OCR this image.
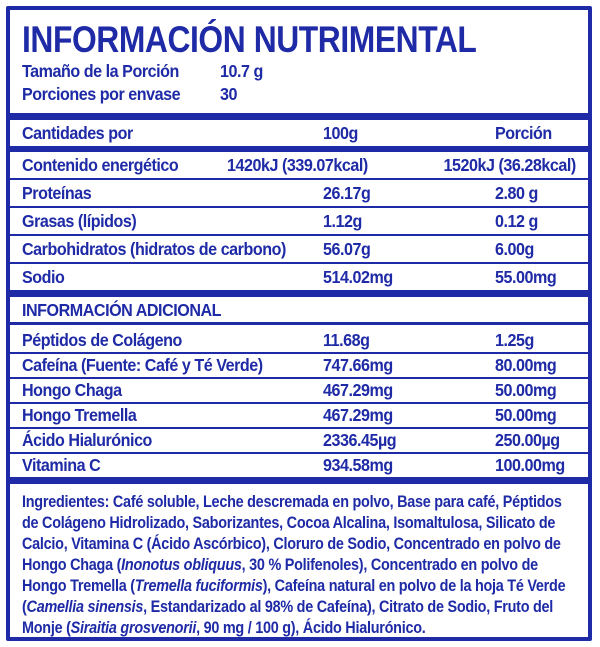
INFORMACIÓN NUTRIMENTAL
Tamaño de la Porción	10.7 g
Porciones por envase	30
Cantidades por	100g	Porción
Contenido energético	1420kJ (339.07kcal)	1520kJ (36.28kcal)
Proteínas	26.17g	2.80 g
Grasas (lípidos)	1.12g	0.12 g
Carbohidratos (hidratos de carbono)	56.07g	6.00g
Sodio	514.02mg	55.00mg
INFORMACIÓN ADICIONAL
Péptidos de Colágeno	11.68g	1.25g
Cafeína (Fuente: Café y Té Verde)	747.66mg	80.00mg
Hongo Chaga	467.29mg	50.00mg
Hongo Tremella	467.29mg	50.00mg
Ácido Hialurónico	2336.45µg	250.00µg
Vitamina C	934.58mg	100.00mg

Ingredientes: Café soluble, Leche descremada en polvo, Base para café, Péptidos de Colágeno Hidrolizado, Saborizantes, Cocoa Alcalina, Isomaltulosa, Silicato de Calcio, Vitamina C (Ácido Ascórbico), Cloruro de Sodio, Concentrado en polvo de Hongo Chaga (Inonotus obliquus, 30 % Polifenoles), Concentrado en polvo de Hongo Tremella (Tremella fuciformis), Cafeína natural en polvo de la hoja Té Verde (Camellia sinensis, Estandarizado al 98% de Cafeína), Citrato de Sodio, Fruto del Monje (Siraitia grosvenorii, 90 mg / 100 g), Ácido Hialurónico.
